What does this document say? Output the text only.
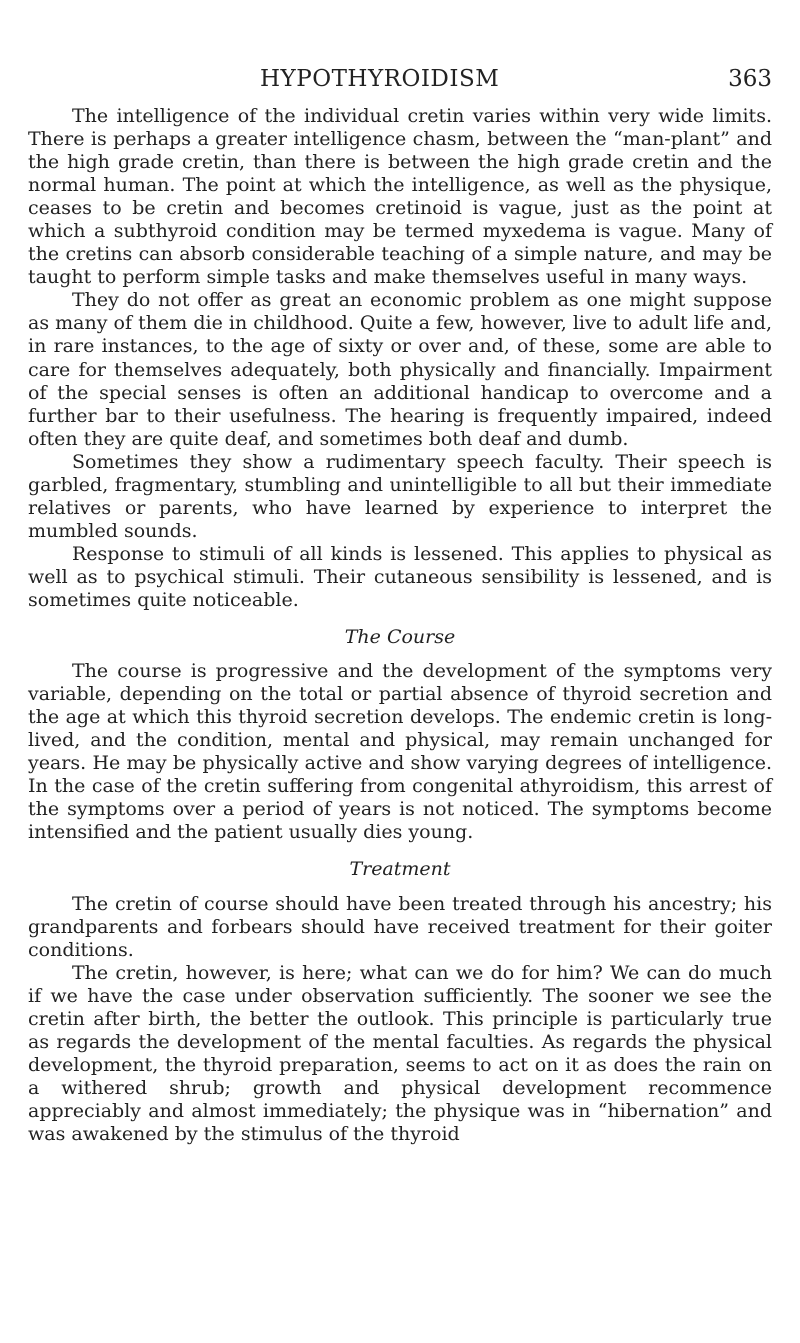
HYPOTHYROIDISM	363

The intelligence of the individual cretin varies within very wide limits. There is perhaps a greater intelligence chasm, between the “man-plant” and the high grade cretin, than there is between the high grade cretin and the normal human. The point at which the intelligence, as well as the physique, ceases to be cretin and becomes cretinoid is vague, just as the point at which a subthyroid condition may be termed myxedema is vague. Many of the cretins can absorb considerable teaching of a simple nature, and may be taught to perform simple tasks and make themselves useful in many ways.

They do not offer as great an economic problem as one might suppose as many of them die in childhood. Quite a few, however, live to adult life and, in rare instances, to the age of sixty or over and, of these, some are able to care for themselves adequately, both physically and financially. Impairment of the special senses is often an additional handicap to overcome and a further bar to their usefulness. The hearing is frequently impaired, indeed often they are quite deaf, and sometimes both deaf and dumb.

Sometimes they show a rudimentary speech faculty. Their speech is garbled, fragmentary, stumbling and unintelligible to all but their immediate relatives or parents, who have learned by experience to interpret the mumbled sounds.

Response to stimuli of all kinds is lessened. This applies to physical as well as to psychical stimuli. Their cutaneous sensibility is lessened, and is sometimes quite noticeable.

The Course

The course is progressive and the development of the symptoms very variable, depending on the total or partial absence of thyroid secretion and the age at which this thyroid secretion develops. The endemic cretin is long-lived, and the condition, mental and physical, may remain unchanged for years. He may be physically active and show varying degrees of intelligence. In the case of the cretin suffering from congenital athyroidism, this arrest of the symptoms over a period of years is not noticed. The symptoms become intensified and the patient usually dies young.

Treatment

The cretin of course should have been treated through his ancestry; his grandparents and forbears should have received treatment for their goiter conditions.

The cretin, however, is here; what can we do for him? We can do much if we have the case under observation sufficiently. The sooner we see the cretin after birth, the better the outlook. This principle is particularly true as regards the development of the mental faculties. As regards the physical development, the thyroid preparation, seems to act on it as does the rain on a withered shrub; growth and physical development recommence appreciably and almost immediately; the physique was in “hibernation” and was awakened by the stimulus of the thyroid
